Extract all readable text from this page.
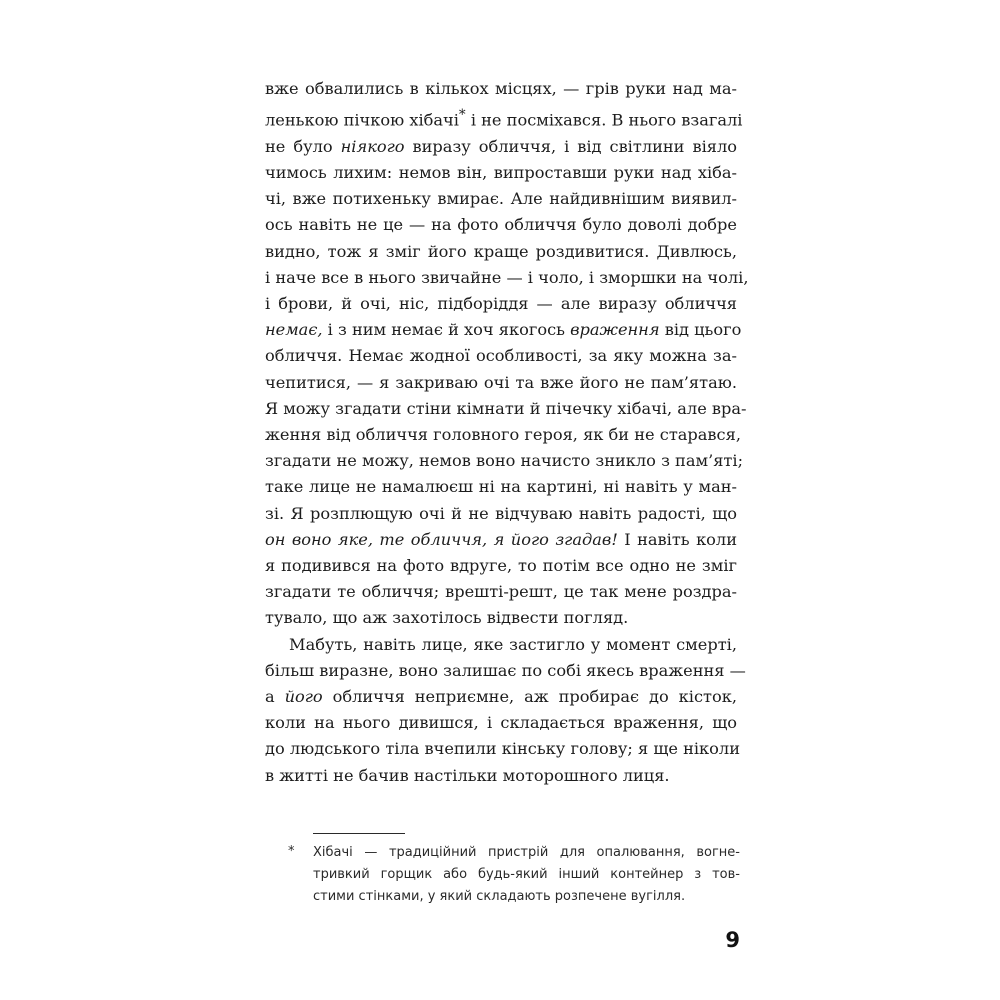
вже обвалились в кількох місцях, — грів руки над ма-
ленькою пічкою хібачі* і не посміхався. В нього взагалі
не було ніякого виразу обличчя, і від світлини віяло
чимось лихим: немов він, випроставши руки над хіба-
чі, вже потихеньку вмирає. Але найдивнішим виявил-
ось навіть не це — на фото обличчя було доволі добре
видно, тож я зміг його краще роздивитися. Дивлюсь,
і наче все в нього звичайне — і чоло, і зморшки на чолі,
і брови, й очі, ніс, підборіддя — але виразу обличчя
немає, і з ним немає й хоч якогось враження від цього
обличчя. Немає жодної особливості, за яку можна за-
чепитися, — я закриваю очі та вже його не пам’ятаю.
Я можу згадати стіни кімнати й пічечку хібачі, але вра-
ження від обличчя головного героя, як би не старався,
згадати не можу, немов воно начисто зникло з пам’яті;
таке лице не намалюєш ні на картині, ні навіть у ман-
зі. Я розплющую очі й не відчуваю навіть радості, що
он воно яке, те обличчя, я його згадав! І навіть коли
я подивився на фото вдруге, то потім все одно не зміг
згадати те обличчя; врешті-решт, це так мене роздра-
тувало, що аж захотілось відвести погляд.
Мабуть, навіть лице, яке застигло у момент смерті,
більш виразне, воно залишає по собі якесь враження —
а його обличчя неприємне, аж пробирає до кісток,
коли на нього дивишся, і складається враження, що
до людського тіла вчепили кінську голову; я ще ніколи
в житті не бачив настільки моторошного лиця.
* Хібачі — традиційний пристрій для опалювання, вогне-
тривкий горщик або будь-який інший контейнер з тов-
стими стінками, у який складають розпечене вугілля.
9
